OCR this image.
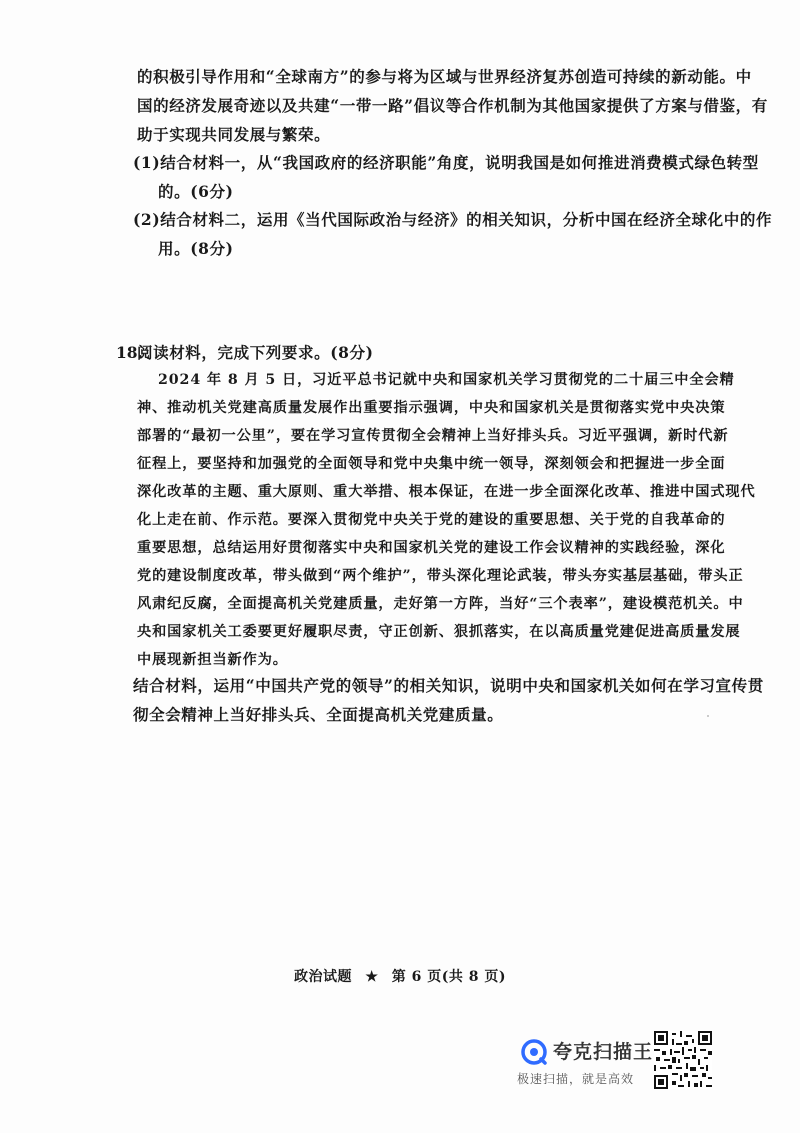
的积极引导作用和“全球南方”的参与将为区域与世界经济复苏创造可持续的新动能。中
国的经济发展奇迹以及共建“一带一路”倡议等合作机制为其他国家提供了方案与借鉴，有
助于实现共同发展与繁荣。
(1)结合材料一，从“我国政府的经济职能”角度，说明我国是如何推进消费模式绿色转型
的。(6分)
(2)结合材料二，运用《当代国际政治与经济》的相关知识，分析中国在经济全球化中的作
用。(8分)
18.
阅读材料，完成下列要求。(8分)
2024 年 8 月 5 日，习近平总书记就中央和国家机关学习贯彻党的二十届三中全会精
神、推动机关党建高质量发展作出重要指示强调，中央和国家机关是贯彻落实党中央决策
部署的“最初一公里”，要在学习宣传贯彻全会精神上当好排头兵。习近平强调，新时代新
征程上，要坚持和加强党的全面领导和党中央集中统一领导，深刻领会和把握进一步全面
深化改革的主题、重大原则、重大举措、根本保证，在进一步全面深化改革、推进中国式现代
化上走在前、作示范。要深入贯彻党中央关于党的建设的重要思想、关于党的自我革命的
重要思想，总结运用好贯彻落实中央和国家机关党的建设工作会议精神的实践经验，深化
党的建设制度改革，带头做到“两个维护”，带头深化理论武装，带头夯实基层基础，带头正
风肃纪反腐，全面提高机关党建质量，走好第一方阵，当好“三个表率”，建设模范机关。中
央和国家机关工委要更好履职尽责，守正创新、狠抓落实，在以高质量党建促进高质量发展
中展现新担当新作为。
结合材料，运用“中国共产党的领导”的相关知识，说明中央和国家机关如何在学习宣传贯
彻全会精神上当好排头兵、全面提高机关党建质量。
政治试题 ★ 第 6 页(共 8 页)
夸克扫描王
极速扫描，就是高效
